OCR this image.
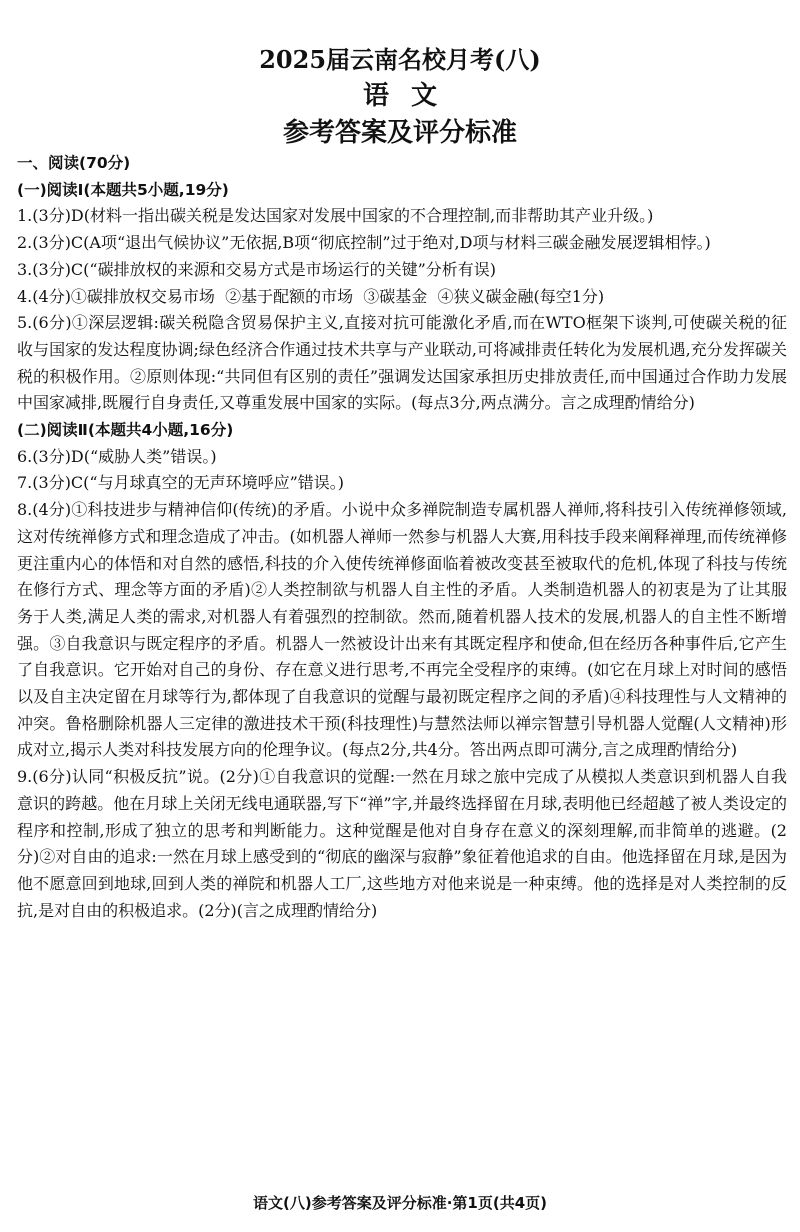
2025届云南名校月考(八)
语文
参考答案及评分标准
一、阅读(70分)
(一)阅读Ⅰ(本题共5小题,19分)
1.(3分)D(材料一指出碳关税是发达国家对发展中国家的不合理控制,而非帮助其产业升级。)
2.(3分)C(A项“退出气候协议”无依据,B项“彻底控制”过于绝对,D项与材料三碳金融发展逻辑相悖。)
3.(3分)C(“碳排放权的来源和交易方式是市场运行的关键”分析有误)
4.(4分)①碳排放权交易市场  ②基于配额的市场  ③碳基金  ④狭义碳金融(每空1分)
5.(6分)①深层逻辑:碳关税隐含贸易保护主义,直接对抗可能激化矛盾,而在WTO框架下谈判,可使碳关税的征收与国家的发达程度协调;绿色经济合作通过技术共享与产业联动,可将减排责任转化为发展机遇,充分发挥碳关税的积极作用。②原则体现:“共同但有区别的责任”强调发达国家承担历史排放责任,而中国通过合作助力发展中国家减排,既履行自身责任,又尊重发展中国家的实际。(每点3分,两点满分。言之成理酌情给分)
(二)阅读Ⅱ(本题共4小题,16分)
6.(3分)D(“威胁人类”错误。)
7.(3分)C(“与月球真空的无声环境呼应”错误。)
8.(4分)①科技进步与精神信仰(传统)的矛盾。小说中众多禅院制造专属机器人禅师,将科技引入传统禅修领域,这对传统禅修方式和理念造成了冲击。(如机器人禅师一然参与机器人大赛,用科技手段来阐释禅理,而传统禅修更注重内心的体悟和对自然的感悟,科技的介入使传统禅修面临着被改变甚至被取代的危机,体现了科技与传统在修行方式、理念等方面的矛盾)②人类控制欲与机器人自主性的矛盾。人类制造机器人的初衷是为了让其服务于人类,满足人类的需求,对机器人有着强烈的控制欲。然而,随着机器人技术的发展,机器人的自主性不断增强。③自我意识与既定程序的矛盾。机器人一然被设计出来有其既定程序和使命,但在经历各种事件后,它产生了自我意识。它开始对自己的身份、存在意义进行思考,不再完全受程序的束缚。(如它在月球上对时间的感悟以及自主决定留在月球等行为,都体现了自我意识的觉醒与最初既定程序之间的矛盾)④科技理性与人文精神的冲突。鲁格删除机器人三定律的激进技术干预(科技理性)与慧然法师以禅宗智慧引导机器人觉醒(人文精神)形成对立,揭示人类对科技发展方向的伦理争议。(每点2分,共4分。答出两点即可满分,言之成理酌情给分)
9.(6分)认同“积极反抗”说。(2分)①自我意识的觉醒:一然在月球之旅中完成了从模拟人类意识到机器人自我意识的跨越。他在月球上关闭无线电通联器,写下“禅”字,并最终选择留在月球,表明他已经超越了被人类设定的程序和控制,形成了独立的思考和判断能力。这种觉醒是他对自身存在意义的深刻理解,而非简单的逃避。(2分)②对自由的追求:一然在月球上感受到的“彻底的幽深与寂静”象征着他追求的自由。他选择留在月球,是因为他不愿意回到地球,回到人类的禅院和机器人工厂,这些地方对他来说是一种束缚。他的选择是对人类控制的反抗,是对自由的积极追求。(2分)(言之成理酌情给分)
语文(八)参考答案及评分标准·第1页(共4页)
